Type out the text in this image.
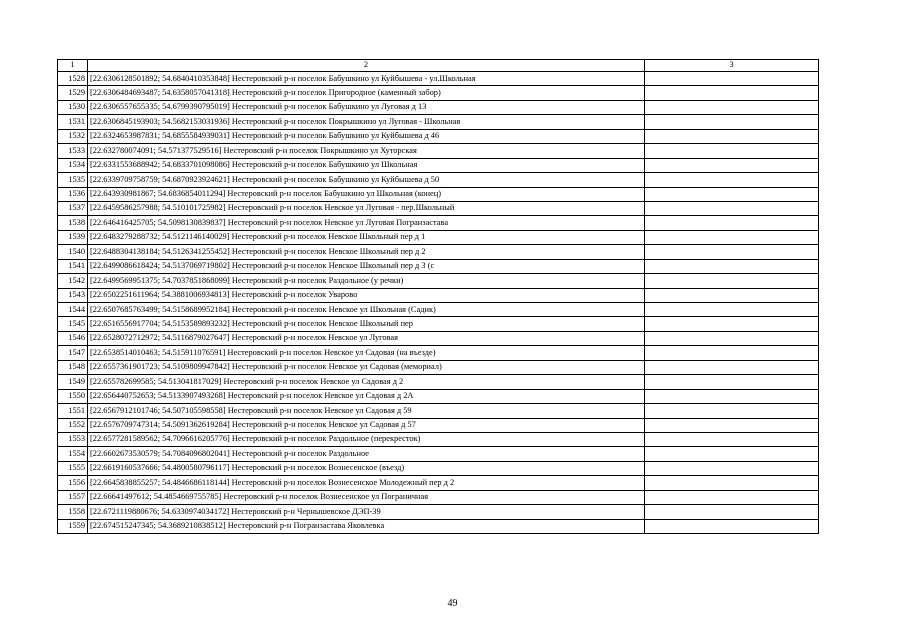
1	2	3
1528	[22.6306128501892; 54.6840410353848] Нестеровский р-н поселок Бабушкино ул Куйбышева - ул.Школьная	
1529	[22.6306484693487; 54.6358057041318] Нестеровский р-н поселок Пригородное (каменный забор)	
1530	[22.6306557655335; 54.6799390795019] Нестеровский р-н поселок Бабушкино ул Луговая д 13	
1531	[22.6306845193903; 54.5682153031936] Нестеровский р-н поселок Покрышкино ул Луговая - Школьная	
1532	[22.6324653987831; 54.6855584939031] Нестеровский р-н поселок Бабушкино ул Куйбышева д 46	
1533	[22.632780074091; 54.571377529516] Нестеровский р-н поселок Покрышкино ул Хуторская	
1534	[22.6331553688942; 54.6833701098086] Нестеровский р-н поселок Бабушкино ул Школьная	
1535	[22.6339709758759; 54.6870923924621] Нестеровский р-н поселок Бабушкино ул Куйбышева д 50	
1536	[22.643930981867; 54.6836854011294] Нестеровский р-н поселок Бабушкино ул Школьная (конец)	
1537	[22.6459586257988; 54.510101725982] Нестеровский р-н поселок Невское ул Луговая - пер.Школьный	
1538	[22.646416425705; 54.5098130839837] Нестеровский р-н поселок Невское ул Луговая Погранзастава	
1539	[22.6483279288732; 54.5121146140029] Нестеровский р-н поселок Невское Школьный пер д 1	
1540	[22.6488304138184; 54.5126341255452] Нестеровский р-н поселок Невское Школьный пер д 2	
1541	[22.6499086618424; 54.5137069719802] Нестеровский р-н поселок Невское Школьный пер д 3 (с	
1542	[22.6499569951375; 54.7037851868099] Нестеровский р-н поселок Раздольное (у речки)	
1543	[22.6502251611964; 54.3881006934813] Нестеровский р-н поселок Уварово	
1544	[22.6507685763499; 54.5158689952184] Нестеровский р-н поселок Невское ул Школьная (Садик)	
1545	[22.6516556917704; 54.5153589893232] Нестеровский р-н поселок Невское Школьный пер	
1546	[22.6528072712972; 54.5116879027647] Нестеровский р-н поселок Невское ул Луговая	
1547	[22.6538514010463; 54.515911076591] Нестеровский р-н поселок Невское ул Садовая (на въезде)	
1548	[22.6557361901723; 54.5109809947842] Нестеровский р-н поселок Невское ул Садовая (мемориал)	
1549	[22.655782699585; 54.513041817029] Нестеровский р-н поселок Невское ул Садовая д 2	
1550	[22.656440752653; 54.5133907493268] Нестеровский р-н поселок Невское ул Садовая д 2А	
1551	[22.6567912101746; 54.507105598558] Нестеровский р-н поселок Невское ул Садовая д 59	
1552	[22.6576709747314; 54.5091362619284] Нестеровский р-н поселок Невское ул Садовая д 57	
1553	[22.6577281589562; 54.7096616205776] Нестеровский р-н поселок Раздольное (перекресток)	
1554	[22.6602673530579; 54.7084096802041] Нестеровский р-н поселок Раздольное	
1555	[22.6619160537666; 54.4800580796117] Нестеровский р-н поселок Вознесенское (въезд)	
1556	[22.6645838855257; 54.4846686118144] Нестеровский р-н поселок Вознесенское Молодежный пер д 2	
1557	[22.66641497612; 54.4854669755785] Нестеровский р-н поселок Вознесенское ул Пограничная	
1558	[22.6721119880676; 54.6330974034172] Нестеровский р-н Чернышевское ДЭП-39	
1559	[22.674515247345; 54.3689210838512] Нестеровский р-н Погранзастава Яковлевка	
49
